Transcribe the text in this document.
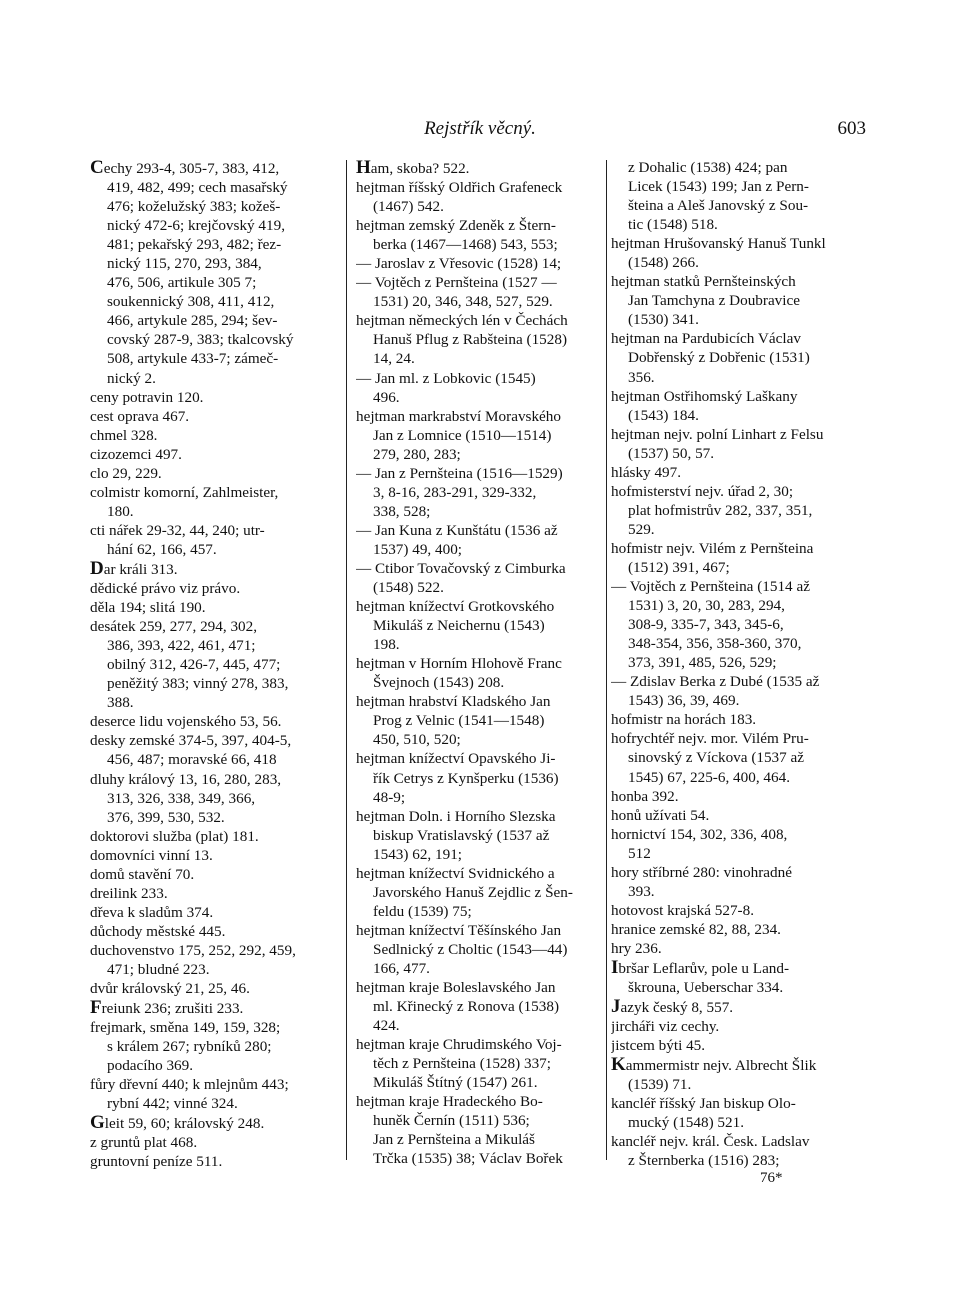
Rejstřík věcný.	603
Cechy 293-4, 305-7, 383, 412,
419, 482, 499; cech masařský
476; koželužský 383; kožeš-
nický 472-6; krejčovský 419,
481; pekařský 293, 482; řez-
nický 115, 270, 293, 384,
476, 506, artikule 305 7;
soukennický 308, 411, 412,
466, artykule 285, 294; šev-
covský 287-9, 383; tkalcovský
508, artykule 433-7; zámeč-
nický 2.
ceny potravin 120.
cest oprava 467.
chmel 328.
cizozemci 497.
clo 29, 229.
colmistr komorní, Zahlmeister,
180.
cti nářek 29-32, 44, 240; utr-
hání 62, 166, 457.
Dar králi 313.
dědické právo viz právo.
děla 194; slitá 190.
desátek 259, 277, 294, 302,
386, 393, 422, 461, 471;
obilný 312, 426-7, 445, 477;
peněžitý 383; vinný 278, 383,
388.
deserce lidu vojenského 53, 56.
desky zemské 374-5, 397, 404-5,
456, 487; moravské 66, 418
dluhy králový 13, 16, 280, 283,
313, 326, 338, 349, 366,
376, 399, 530, 532.
doktorovi služba (plat) 181.
domovníci vinní 13.
domů stavění 70.
dreilink 233.
dřeva k sladům 374.
důchody městské 445.
duchovenstvo 175, 252, 292, 459,
471; bludné 223.
dvůr královský 21, 25, 46.
Freiunk 236; zrušiti 233.
frejmark, směna 149, 159, 328;
s králem 267; rybníků 280;
podacího 369.
fůry dřevní 440; k mlejnům 443;
rybní 442; vinné 324.
Gleit 59, 60; královský 248.
z gruntů plat 468.
gruntovní peníze 511.
Ham, skoba? 522.
hejtman říšský Oldřich Grafeneck
(1467) 542.
hejtman zemský Zdeněk z Štern-
berka (1467—1468) 543, 553;
— Jaroslav z Vřesovic (1528) 14;
— Vojtěch z Pernšteina (1527 —
1531) 20, 346, 348, 527, 529.
hejtman německých lén v Čechách
Hanuš Pflug z Rabšteina (1528)
14, 24.
— Jan ml. z Lobkovic (1545)
496.
hejtman markrabství Moravského
Jan z Lomnice (1510—1514)
279, 280, 283;
— Jan z Pernšteina (1516—1529)
3, 8-16, 283-291, 329-332,
338, 528;
— Jan Kuna z Kunštátu (1536 až
1537) 49, 400;
— Ctibor Tovačovský z Cimburka
(1548) 522.
hejtman knížectví Grotkovského
Mikuláš z Neichernu (1543)
198.
hejtman v Horním Hlohově Franc
Švejnoch (1543) 208.
hejtman hrabství Kladského Jan
Prog z Velnic (1541—1548)
450, 510, 520;
hejtman knížectví Opavského Ji-
řík Cetrys z Kynšperku (1536)
48-9;
hejtman Doln. i Horního Slezska
biskup Vratislavský (1537 až
1543) 62, 191;
hejtman knížectví Svidnického a
Javorského Hanuš Zejdlic z Šen-
feldu (1539) 75;
hejtman knížectví Těšínského Jan
Sedlnický z Choltic (1543—44)
166, 477.
hejtman kraje Boleslavského Jan
ml. Křinecký z Ronova (1538)
424.
hejtman kraje Chrudimského Voj-
těch z Pernšteina (1528) 337;
Mikuláš Štítný (1547) 261.
hejtman kraje Hradeckého Bo-
huněk Černín (1511) 536;
Jan z Pernšteina a Mikuláš
Trčka (1535) 38; Václav Bořek
z Dohalic (1538) 424; pan
Licek (1543) 199; Jan z Pern-
šteina a Aleš Janovský z Sou-
tic (1548) 518.
hejtman Hrušovanský Hanuš Tunkl
(1548) 266.
hejtman statků Pernšteinských
Jan Tamchyna z Doubravice
(1530) 341.
hejtman na Pardubicích Václav
Dobřenský z Dobřenic (1531)
356.
hejtman Ostřihomský Laškany
(1543) 184.
hejtman nejv. polní Linhart z Felsu
(1537) 50, 57.
hlásky 497.
hofmisterství nejv. úřad 2, 30;
plat hofmistrův 282, 337, 351,
529.
hofmistr nejv. Vilém z Pernšteina
(1512) 391, 467;
— Vojtěch z Pernšteina (1514 až
1531) 3, 20, 30, 283, 294,
308-9, 335-7, 343, 345-6,
348-354, 356, 358-360, 370,
373, 391, 485, 526, 529;
— Zdislav Berka z Dubé (1535 až
1543) 36, 39, 469.
hofmistr na horách 183.
hofrychtéř nejv. mor. Vilém Pru-
sinovský z Víckova (1537 až
1545) 67, 225-6, 400, 464.
honba 392.
honů užívati 54.
hornictví 154, 302, 336, 408,
512
hory stříbrné 280: vinohradné
393.
hotovost krajská 527-8.
hranice zemské 82, 88, 234.
hry 236.
Ibršar Leflarův, pole u Land-
škrouna, Ueberschar 334.
Jazyk český 8, 557.
jircháři viz cechy.
jistcem býti 45.
Kammermistr nejv. Albrecht Šlik
(1539) 71.
kancléř říšský Jan biskup Olo-
mucký (1548) 521.
kancléř nejv. král. Česk. Ladslav
z Šternberka (1516) 283;
76*
